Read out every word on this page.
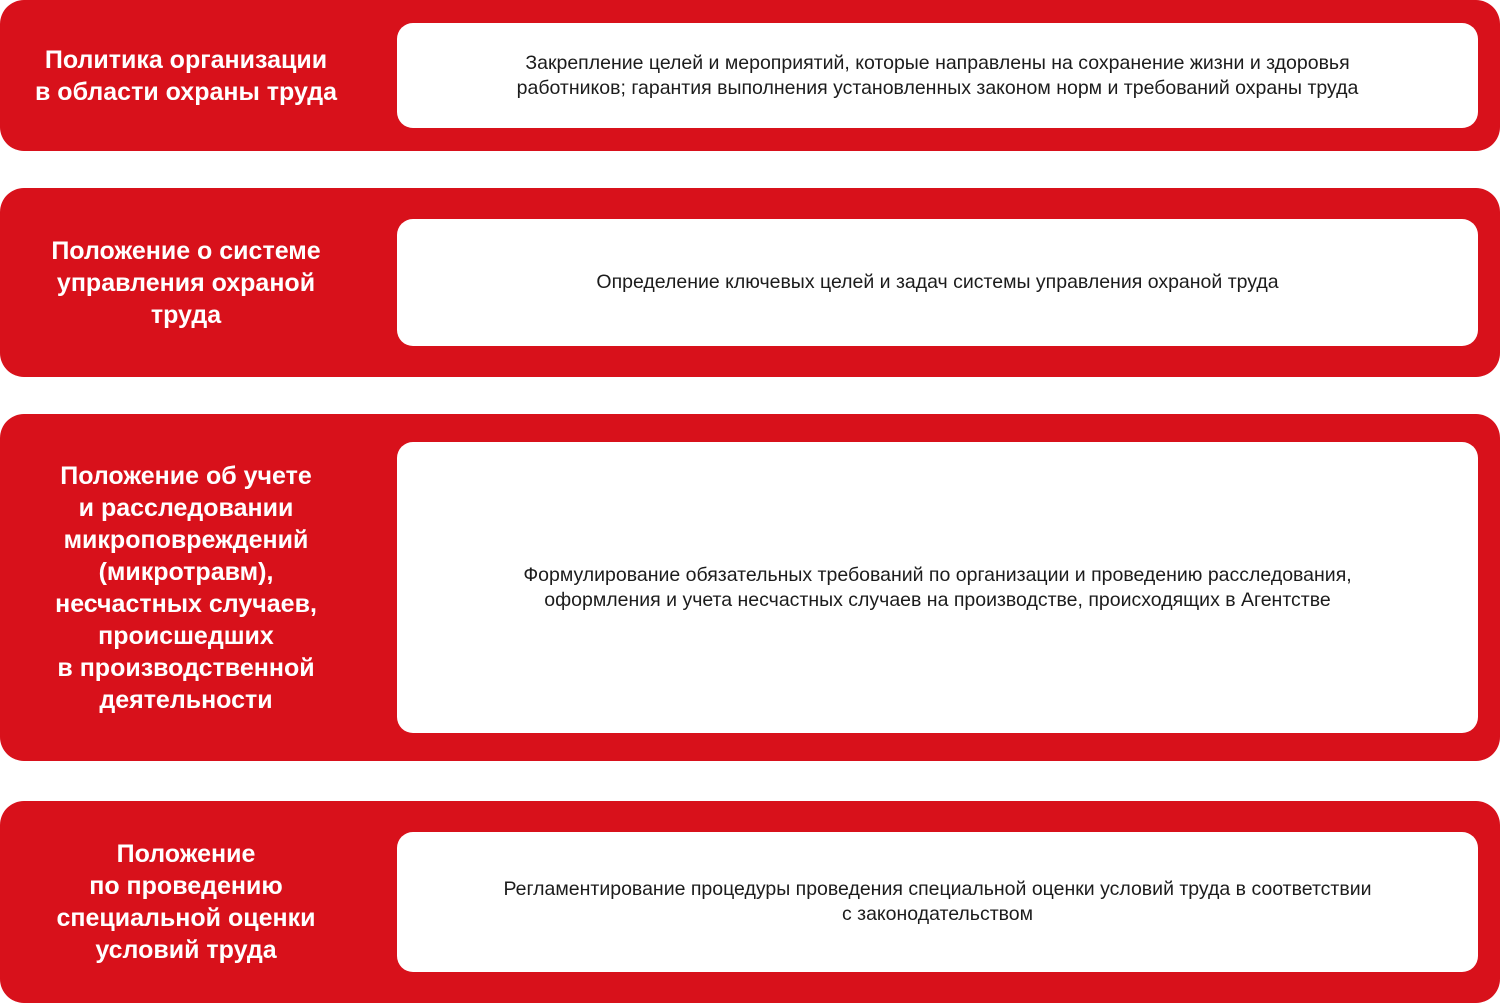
Политика организации
в области охраны труда
Закрепление целей и мероприятий, которые направлены на сохранение жизни и здоровья
работников; гарантия выполнения установленных законом норм и требований охраны труда
Положение о системе
управления охраной
труда
Определение ключевых целей и задач системы управления охраной труда
Положение об учете
и расследовании
микроповреждений
(микротравм),
несчастных случаев,
происшедших
в производственной
деятельности
Формулирование обязательных требований по организации и проведению расследования,
оформления и учета несчастных случаев на производстве, происходящих в Агентстве
Положение
по проведению
специальной оценки
условий труда
Регламентирование процедуры проведения специальной оценки условий труда в соответствии
с законодательством
